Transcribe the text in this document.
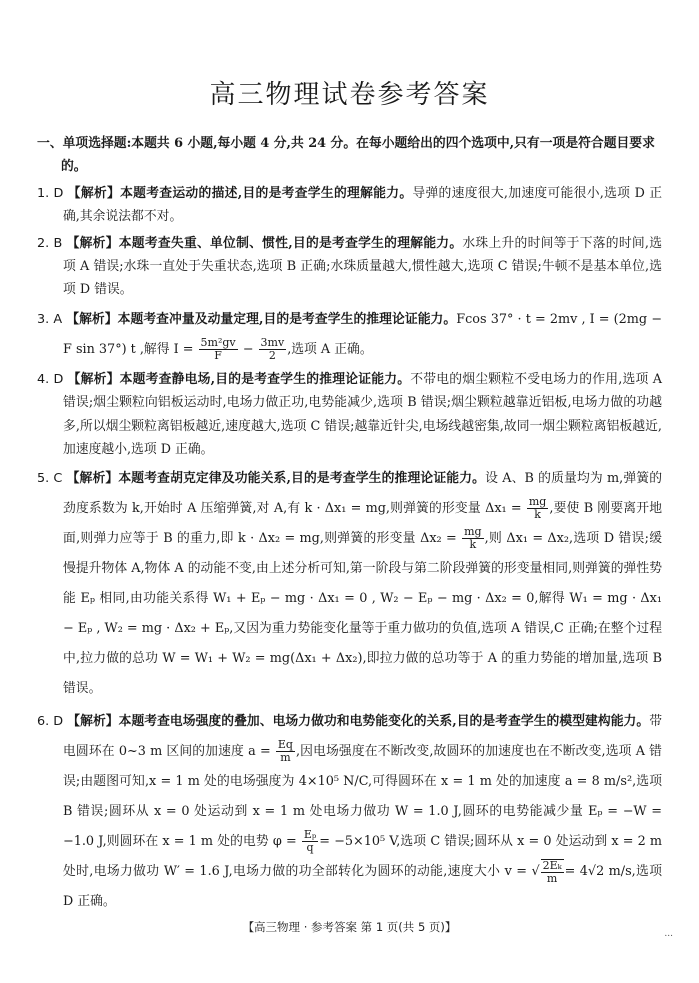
高三物理试卷参考答案

一、单项选择题:本题共 6 小题,每小题 4 分,共 24 分。在每小题给出的四个选项中,只有一项是符合题目要求的。

1. D 【解析】本题考查运动的描述,目的是考查学生的理解能力。导弹的速度很大,加速度可能很小,选项 D 正确,其余说法都不对。

2. B 【解析】本题考查失重、单位制、惯性,目的是考查学生的理解能力。水珠上升的时间等于下落的时间,选项 A 错误;水珠一直处于失重状态,选项 B 正确;水珠质量越大,惯性越大,选项 C 错误;牛顿不是基本单位,选项 D 错误。

3. A 【解析】本题考查冲量及动量定理,目的是考查学生的推理论证能力。Fcos 37° · t = 2mv , I = (2mg − F sin 37°) t ,解得 $I = \frac{\text{5m²gv}}{F} - \frac{3mv}{2}$ ,选项 A 正确。

4. D 【解析】本题考查静电场,目的是考查学生的推理论证能力。不带电的烟尘颗粒不受电场力的作用,选项 A 错误;烟尘颗粒向铝板运动时,电场力做正功,电势能减少,选项 B 错误;烟尘颗粒越靠近铝板,电场力做的功越多,所以烟尘颗粒离铝板越近,速度越大,选项 C 错误;越靠近针尖,电场线越密集,故同一烟尘颗粒离铝板越近,加速度越小,选项 D 正确。

5. C 【解析】本题考查胡克定律及功能关系,目的是考查学生的推理论证能力。设 A、B 的质量均为 m,弹簧的劲度系数为 k,开始时 A 压缩弹簧,对 A,有 k · Δx₁ = mg,则弹簧的形变量 $\Delta x_1 = \frac{mg}{k}$ ,要使 B 刚要离开地面,则弹力应等于 B 的重力,即 k · Δx₂ = mg,则弹簧的形变量 $\Delta x_2 = \frac{mg}{k}$ ,则 Δx₁ = Δx₂,选项 D 错误;缓慢提升物体 A,物体 A 的动能不变,由上述分析可知,第一阶段与第二阶段弹簧的形变量相同,则弹簧的弹性势能 Eₚ 相同,由功能关系得 W₁ + Eₚ − mg · Δx₁ = 0 , W₂ − Eₚ − mg · Δx₂ = 0,解得 W₁ = mg · Δx₁ − Eₚ , W₂ = mg · Δx₂ + Eₚ,又因为重力势能变化量等于重力做功的负值,选项 A 错误,C 正确;在整个过程中,拉力做的总功 W = W₁ + W₂ = mg(Δx₁ + Δx₂),即拉力做的总功等于 A 的重力势能的增加量,选项 B 错误。

6. D 【解析】本题考查电场强度的叠加、电场力做功和电势能变化的关系,目的是考查学生的模型建构能力。带电圆环在 0~3 m 区间的加速度 $a = \frac{Eq}{m}$ ,因电场强度在不断改变,故圆环的加速度也在不断改变,选项 A 错误;由题图可知,x = 1 m 处的电场强度为 4×10⁵ N/C,可得圆环在 x = 1 m 处的加速度 a = 8 m/s²,选项 B 错误;圆环从 x = 0 处运动到 x = 1 m 处电场力做功 W = 1.0 J,圆环的电势能减少量 Eₚ = −W = −1.0 J,则圆环在 x = 1 m 处的电势 $\varphi = \frac{\text{Eₚ}}{q} = -5\times 10^5$ V,选项 C 错误;圆环从 x = 0 处运动到 x = 2 m 处时,电场力做功 W′ = 1.6 J,电场力做的功全部转化为圆环的动能,速度大小 v = √ $\frac{\text{2Eₖ}}{m} = 4√2$ m/s,选项 D 正确。

【高三物理 · 参考答案 第 1 页(共 5 页)】	...
